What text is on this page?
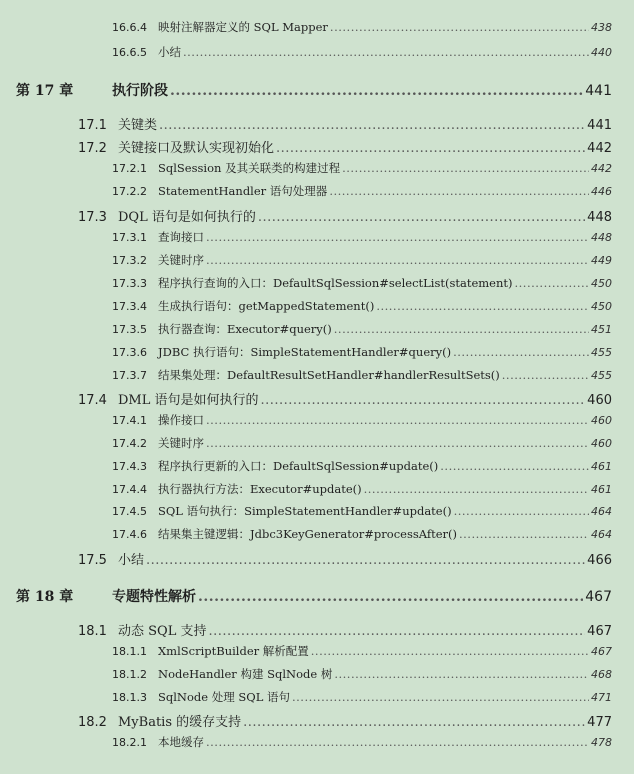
16.6.4 映射注解器定义的 SQL Mapper .....	438
16.6.5 小结 .....	440
第 17 章	执行阶段 .....	441
17.1 关键类 .....	441
17.2 关键接口及默认实现初始化 .....	442
17.2.1 SqlSession 及其关联类的构建过程 .....	442
17.2.2 StatementHandler 语句处理器 .....	446
17.3 DQL 语句是如何执行的 .....	448
17.3.1 查询接口 .....	448
17.3.2 关键时序 .....	449
17.3.3 程序执行查询的入口：DefaultSqlSession#selectList(statement) .....	450
17.3.4 生成执行语句：getMappedStatement() .....	450
17.3.5 执行器查询：Executor#query() .....	451
17.3.6 JDBC 执行语句：SimpleStatementHandler#query() .....	455
17.3.7 结果集处理：DefaultResultSetHandler#handlerResultSets() .....	455
17.4 DML 语句是如何执行的 .....	460
17.4.1 操作接口 .....	460
17.4.2 关键时序 .....	460
17.4.3 程序执行更新的入口：DefaultSqlSession#update() .....	461
17.4.4 执行器执行方法：Executor#update() .....	461
17.4.5 SQL 语句执行：SimpleStatementHandler#update() .....	464
17.4.6 结果集主键逻辑：Jdbc3KeyGenerator#processAfter() .....	464
17.5 小结 .....	466
第 18 章	专题特性解析 .....	467
18.1 动态 SQL 支持 .....	467
18.1.1 XmlScriptBuilder 解析配置 .....	467
18.1.2 NodeHandler 构建 SqlNode 树 .....	468
18.1.3 SqlNode 处理 SQL 语句 .....	471
18.2 MyBatis 的缓存支持 .....	477
18.2.1 本地缓存 .....	478
